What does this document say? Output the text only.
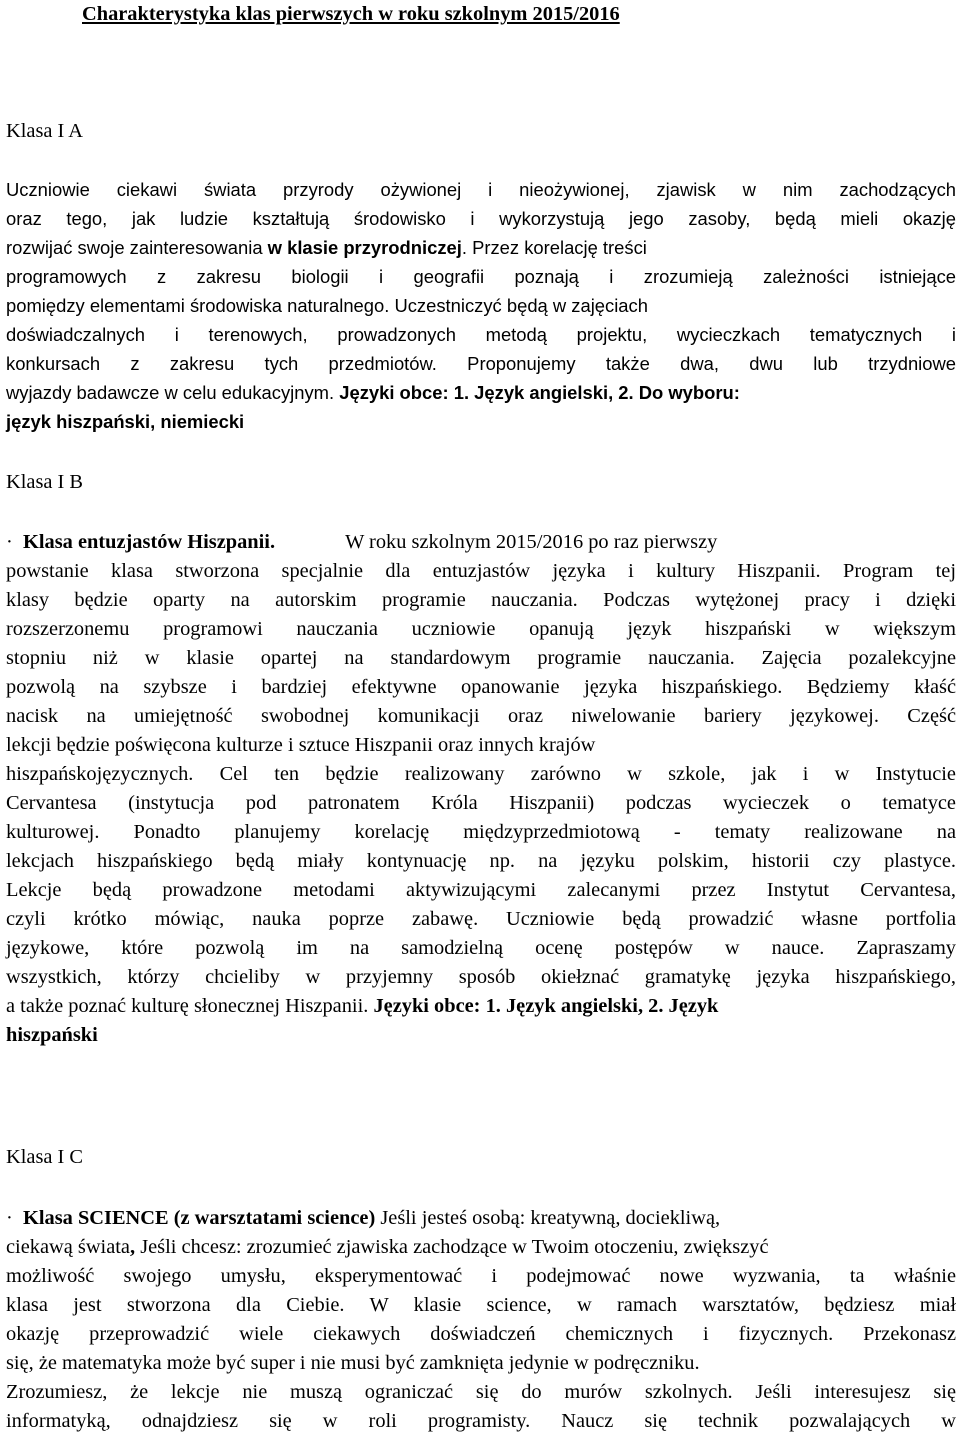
Charakterystyka klas pierwszych w roku szkolnym 2015/2016
Klasa I A
Uczniowie ciekawi świata przyrody ożywionej i nieożywionej, zjawisk w nim zachodzących
oraz tego, jak ludzie kształtują środowisko i wykorzystują jego zasoby, będą mieli okazję
rozwijać swoje zainteresowania w klasie przyrodniczej. Przez korelację treści
programowych z zakresu biologii i geografii poznają i zrozumieją zależności istniejące
pomiędzy elementami środowiska naturalnego. Uczestniczyć będą w zajęciach
doświadczalnych i terenowych, prowadzonych metodą projektu, wycieczkach tematycznych i
konkursach z zakresu tych przedmiotów. Proponujemy także dwa, dwu lub trzydniowe
wyjazdy badawcze w celu edukacyjnym. Języki obce: 1. Język angielski, 2. Do wyboru:
język hiszpański, niemiecki
Klasa I B
· Klasa entuzjastów Hiszpanii.	W roku szkolnym 2015/2016 po raz pierwszy
powstanie klasa stworzona specjalnie dla entuzjastów języka i kultury Hiszpanii. Program tej
klasy będzie oparty na autorskim programie nauczania. Podczas wytężonej pracy i dzięki
rozszerzonemu programowi nauczania uczniowie opanują język hiszpański w większym
stopniu niż w klasie opartej na standardowym programie nauczania. Zajęcia pozalekcyjne
pozwolą na szybsze i bardziej efektywne opanowanie języka hiszpańskiego. Będziemy kłaść
nacisk na umiejętność swobodnej komunikacji oraz niwelowanie bariery językowej. Część
lekcji będzie poświęcona kulturze i sztuce Hiszpanii oraz innych krajów
hiszpańskojęzycznych. Cel ten będzie realizowany zarówno w szkole, jak i w Instytucie
Cervantesa (instytucja pod patronatem Króla Hiszpanii) podczas wycieczek o tematyce
kulturowej. Ponadto planujemy korelację międzyprzedmiotową - tematy realizowane na
lekcjach hiszpańskiego będą miały kontynuację np. na języku polskim, historii czy plastyce.
Lekcje będą prowadzone metodami aktywizującymi zalecanymi przez Instytut Cervantesa,
czyli krótko mówiąc, nauka poprze zabawę. Uczniowie będą prowadzić własne portfolia
językowe, które pozwolą im na samodzielną ocenę postępów w nauce. Zapraszamy
wszystkich, którzy chcieliby w przyjemny sposób okiełznać gramatykę języka hiszpańskiego,
a także poznać kulturę słonecznej Hiszpanii. Języki obce: 1. Język angielski, 2. Język
hiszpański
Klasa I C
· Klasa SCIENCE (z warsztatami science) Jeśli jesteś osobą: kreatywną, dociekliwą,
ciekawą świata, Jeśli chcesz: zrozumieć zjawiska zachodzące w Twoim otoczeniu, zwiększyć
możliwość swojego umysłu, eksperymentować i podejmować nowe wyzwania, ta właśnie
klasa jest stworzona dla Ciebie. W klasie science, w ramach warsztatów, będziesz miał
okazję przeprowadzić wiele ciekawych doświadczeń chemicznych i fizycznych. Przekonasz
się, że matematyka może być super i nie musi być zamknięta jedynie w podręczniku.
Zrozumiesz, że lekcje nie muszą ograniczać się do murów szkolnych. Jeśli interesujesz się
informatyką, odnajdziesz się w roli programisty. Naucz się technik pozwalających w
